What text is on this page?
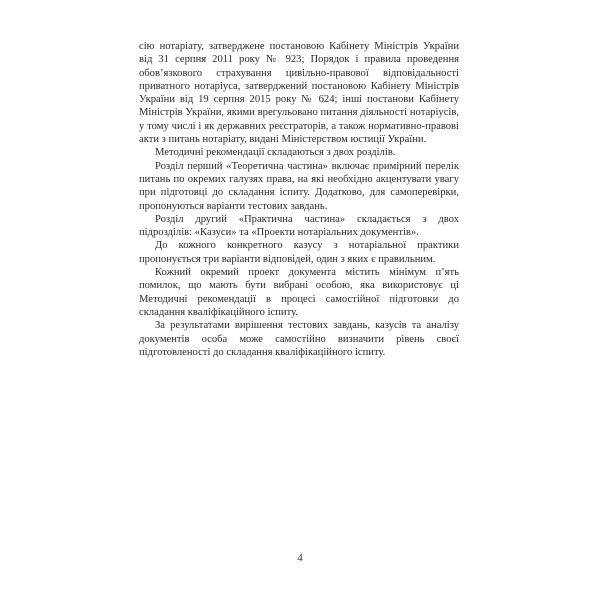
сію нотаріату, затверджене постановою Кабінету Міністрів України від 31 серпня 2011 року № 923; Порядок і правила проведення обов’язкового страхування цивільно-правової відповідальності приватного нотаріуса, затверджений постановою Кабінету Міністрів України від 19 серпня 2015 року № 624; інші постанови Кабінету Міністрів України, якими врегульовано питання діяльності нотаріусів, у тому числі і як державних реєстраторів, а також нормативно-правові акти з питань нотаріату, видані Міністерством юстиції України.

Методичні рекомендації складаються з двох розділів.

Розділ перший «Теоретична частина» включає примірний перелік питань по окремих галузях права, на які необхідно акцентувати увагу при підготовці до складання іспиту. Додатково, для самоперевірки, пропонуються варіанти тестових завдань.

Розділ другий «Практична частина» складається з двох підрозділів: «Казуси» та «Проекти нотаріальних документів».

До кожного конкретного казусу з нотаріальної практики пропонується три варіанти відповідей, один з яких є правильним.

Кожний окремий проект документа містить мінімум п’ять помилок, що мають бути вибрані особою, яка використовує ці Методичні рекомендації в процесі самостійної підготовки до складання кваліфікаційного іспиту.

За результатами вирішення тестових завдань, казусів та аналізу документів особа може самостійно визначити рівень своєї підготовленості до складання кваліфікаційного іспиту.

4
